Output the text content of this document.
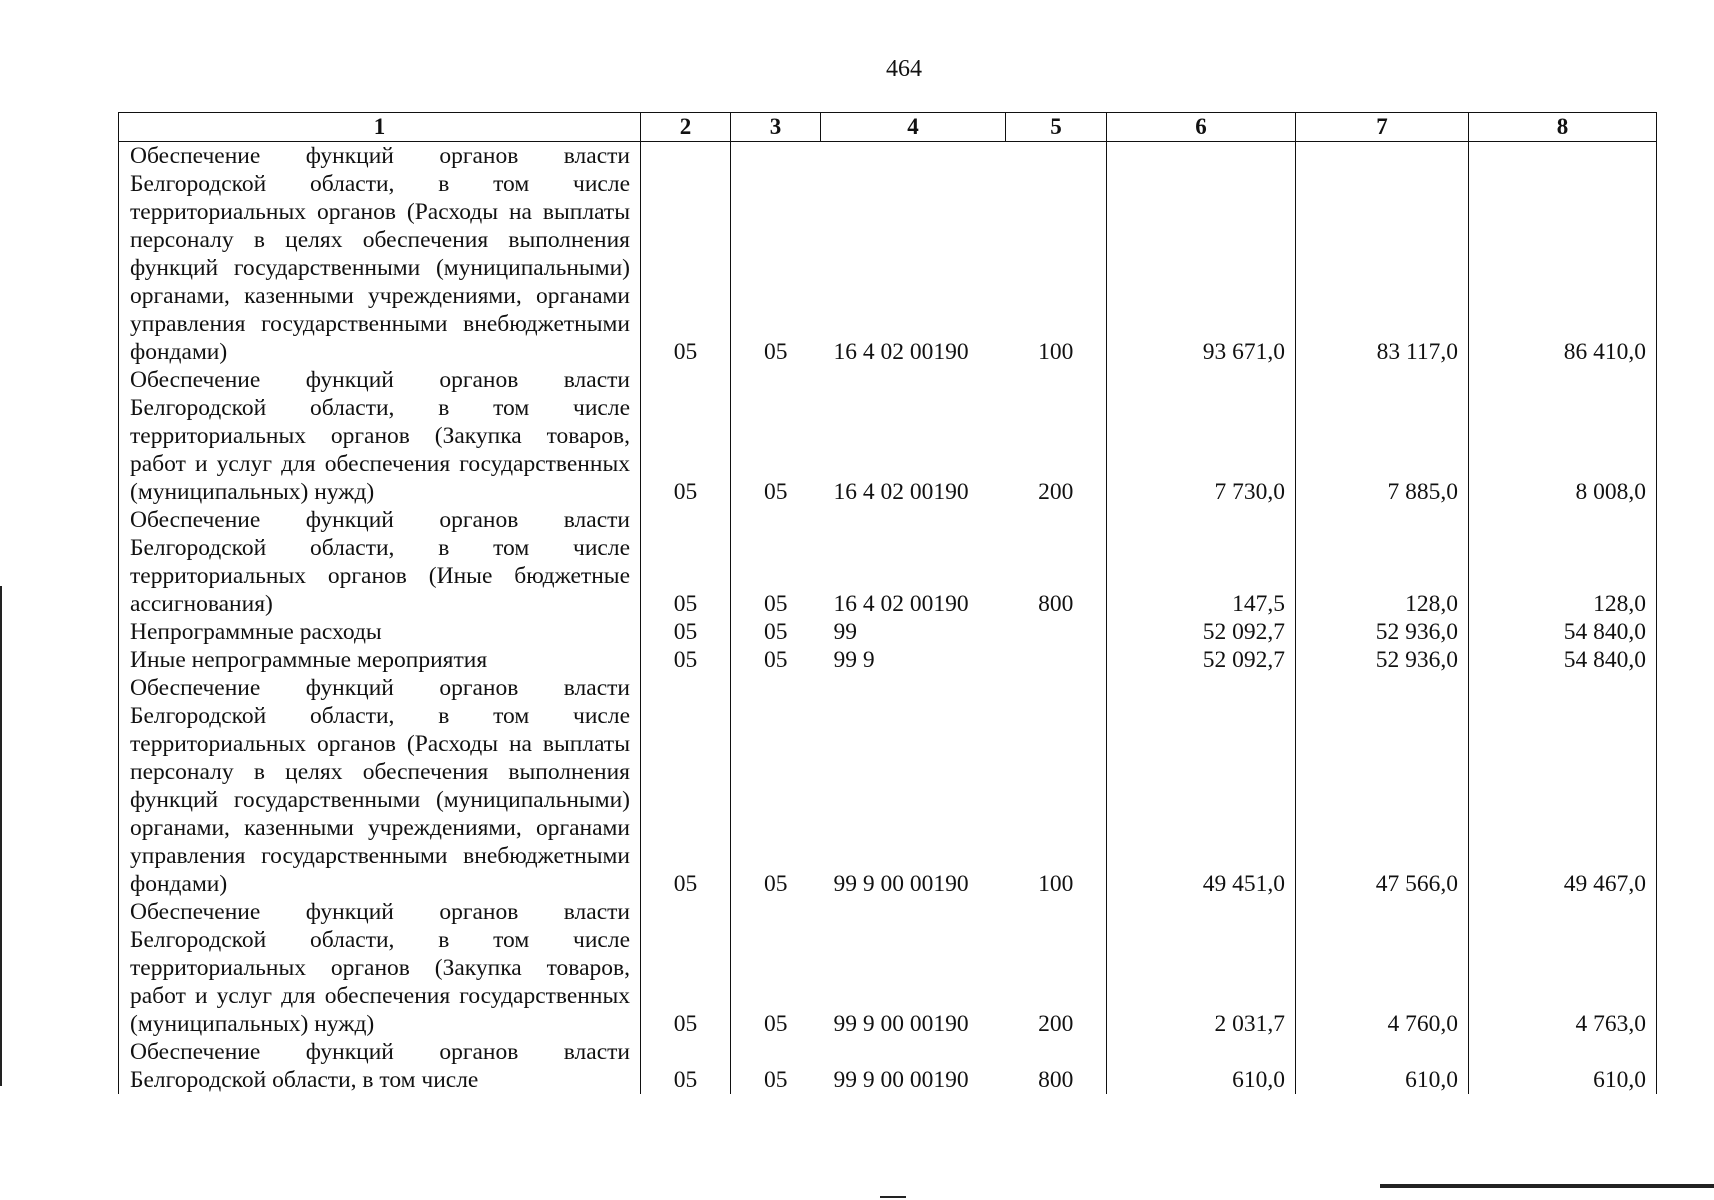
464
1	2	3	4	5	6	7	8
Обеспечение функций органов власти Белгородской области, в том числе территориальных органов (Расходы на выплаты персоналу в целях обеспечения выполнения функций государственными (муниципальными) органами, казенными учреждениями, органами управления государственными внебюджетными фондами)	05	05	16 4 02 00190	100	93 671,0	83 117,0	86 410,0
Обеспечение функций органов власти Белгородской области, в том числе территориальных органов (Закупка товаров, работ и услуг для обеспечения государственных (муниципальных) нужд)	05	05	16 4 02 00190	200	7 730,0	7 885,0	8 008,0
Обеспечение функций органов власти Белгородской области, в том числе территориальных органов (Иные бюджетные ассигнования)	05	05	16 4 02 00190	800	147,5	128,0	128,0
Непрограммные расходы	05	05	99		52 092,7	52 936,0	54 840,0
Иные непрограммные мероприятия	05	05	99 9		52 092,7	52 936,0	54 840,0
Обеспечение функций органов власти Белгородской области, в том числе территориальных органов (Расходы на выплаты персоналу в целях обеспечения выполнения функций государственными (муниципальными) органами, казенными учреждениями, органами управления государственными внебюджетными фондами)	05	05	99 9 00 00190	100	49 451,0	47 566,0	49 467,0
Обеспечение функций органов власти Белгородской области, в том числе территориальных органов (Закупка товаров, работ и услуг для обеспечения государственных (муниципальных) нужд)	05	05	99 9 00 00190	200	2 031,7	4 760,0	4 763,0
Обеспечение функций органов власти Белгородской области, в том числе	05	05	99 9 00 00190	800	610,0	610,0	610,0
